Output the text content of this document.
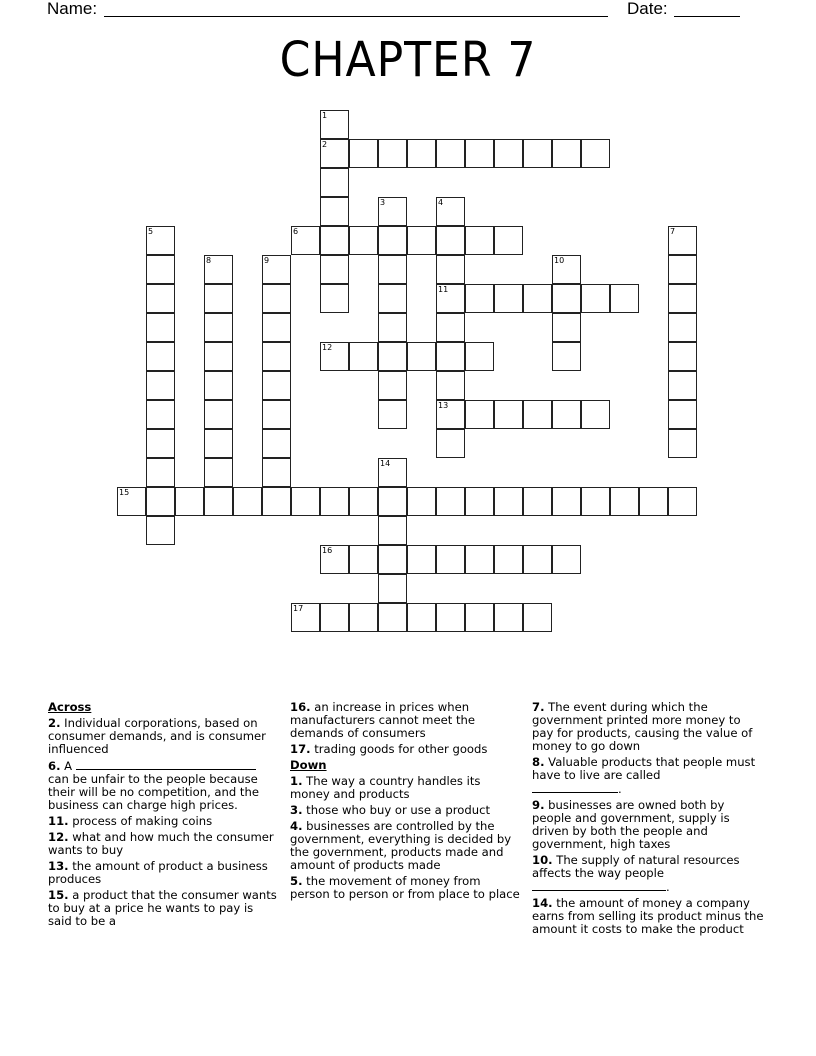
Name:	Date:
CHAPTER 7
1
2
3	4
11
13
5	6	7
8	9	10
12
14
15
16
17
Across
2. Individual corporations, based on consumer demands, and is consumer influenced
6. A
can be unfair to the people because their will be no competition, and the business can charge high prices.
11. process of making coins
12. what and how much the consumer wants to buy
13. the amount of product a business produces
15. a product that the consumer wants to buy at a price he wants to pay is said to be a
16. an increase in prices when manufacturers cannot meet the demands of consumers
17. trading goods for other goods
Down
1. The way a country handles its money and products
3. those who buy or use a product
4. businesses are controlled by the government, everything is decided by the government, products made and amount of products made
5. the movement of money from person to person or from place to place
7. The event during which the government printed more money to pay for products, causing the value of money to go down
8. Valuable products that people must have to live are called
.
9. businesses are owned both by people and government, supply is driven by both the people and government, high taxes
10. The supply of natural resources affects the way people
.
14. the amount of money a company earns from selling its product minus the amount it costs to make the product
